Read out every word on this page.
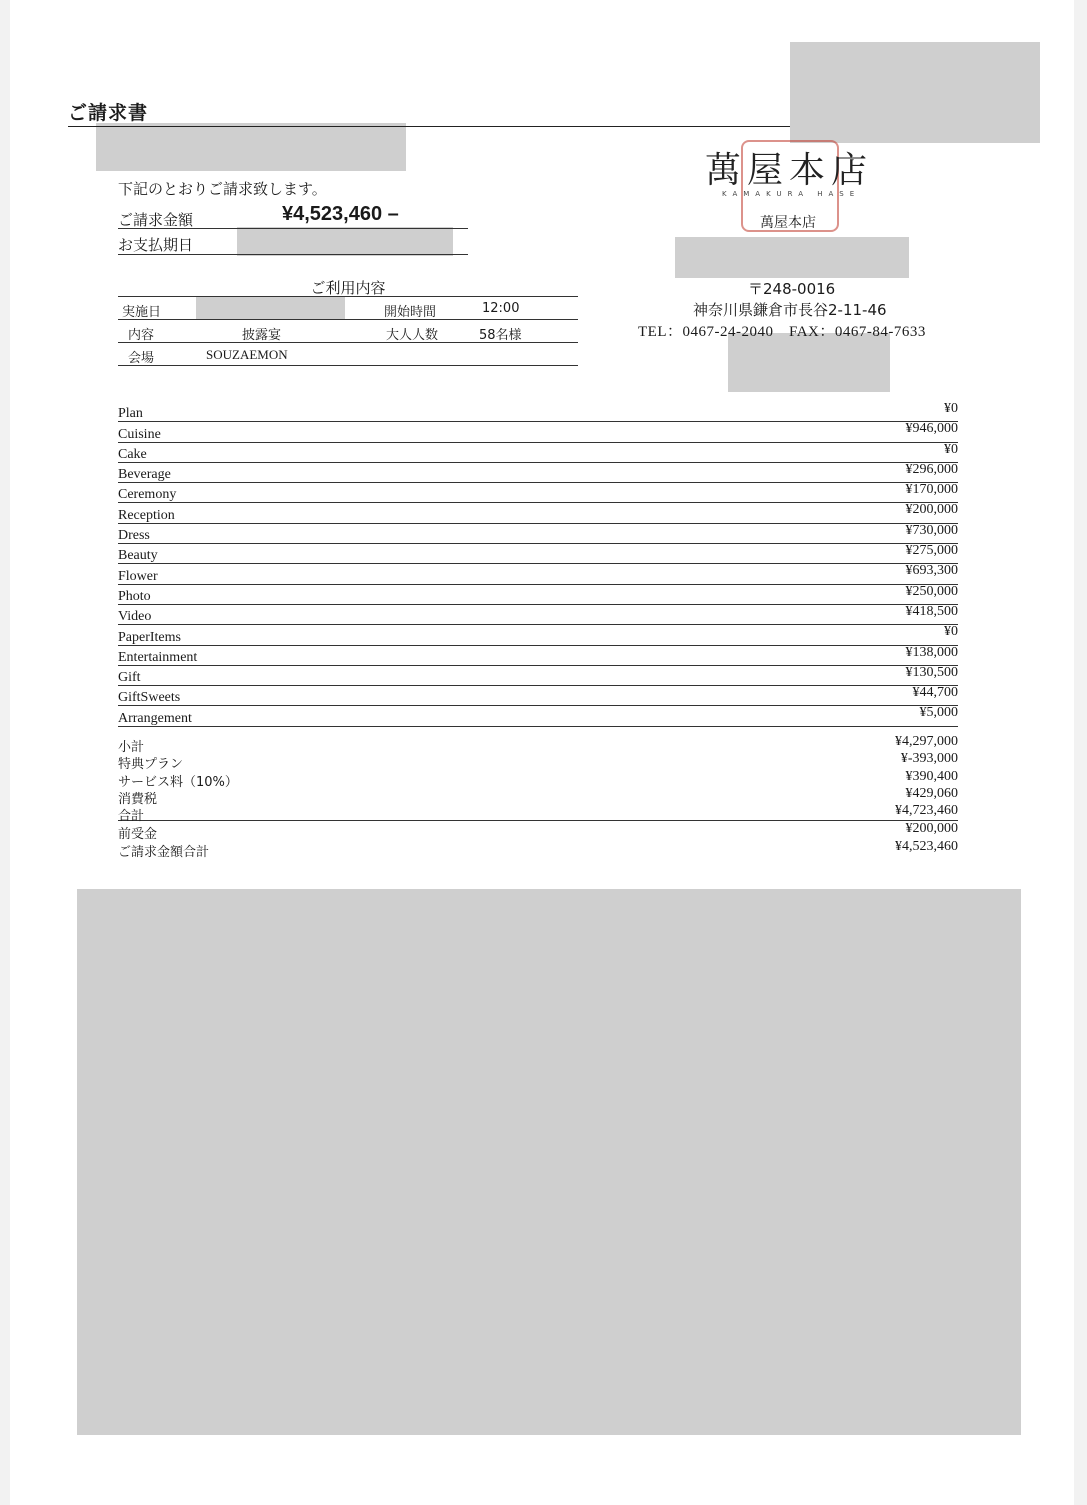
ご請求書
下記のとおりご請求致します。
ご請求金額	¥4,523,460 –
お支払期日
ご利用内容
実施日	開始時間	12:00
内容	披露宴	大人人数	58名様
会場	SOUZAEMON
萬屋本店
KAMAKURA HASE
萬屋本店
〒248-0016
神奈川県鎌倉市長谷2-11-46
TEL：0467-24-2040　FAX：0467-84-7633
Plan	¥0
Cuisine	¥946,000
Cake	¥0
Beverage	¥296,000
Ceremony	¥170,000
Reception	¥200,000
Dress	¥730,000
Beauty	¥275,000
Flower	¥693,300
Photo	¥250,000
Video	¥418,500
PaperItems	¥0
Entertainment	¥138,000
Gift	¥130,500
GiftSweets	¥44,700
Arrangement	¥5,000
小計	¥4,297,000
特典プラン	¥-393,000
サービス料（10%）	¥390,400
消費税	¥429,060
合計	¥4,723,460
前受金	¥200,000
ご請求金額合計	¥4,523,460
